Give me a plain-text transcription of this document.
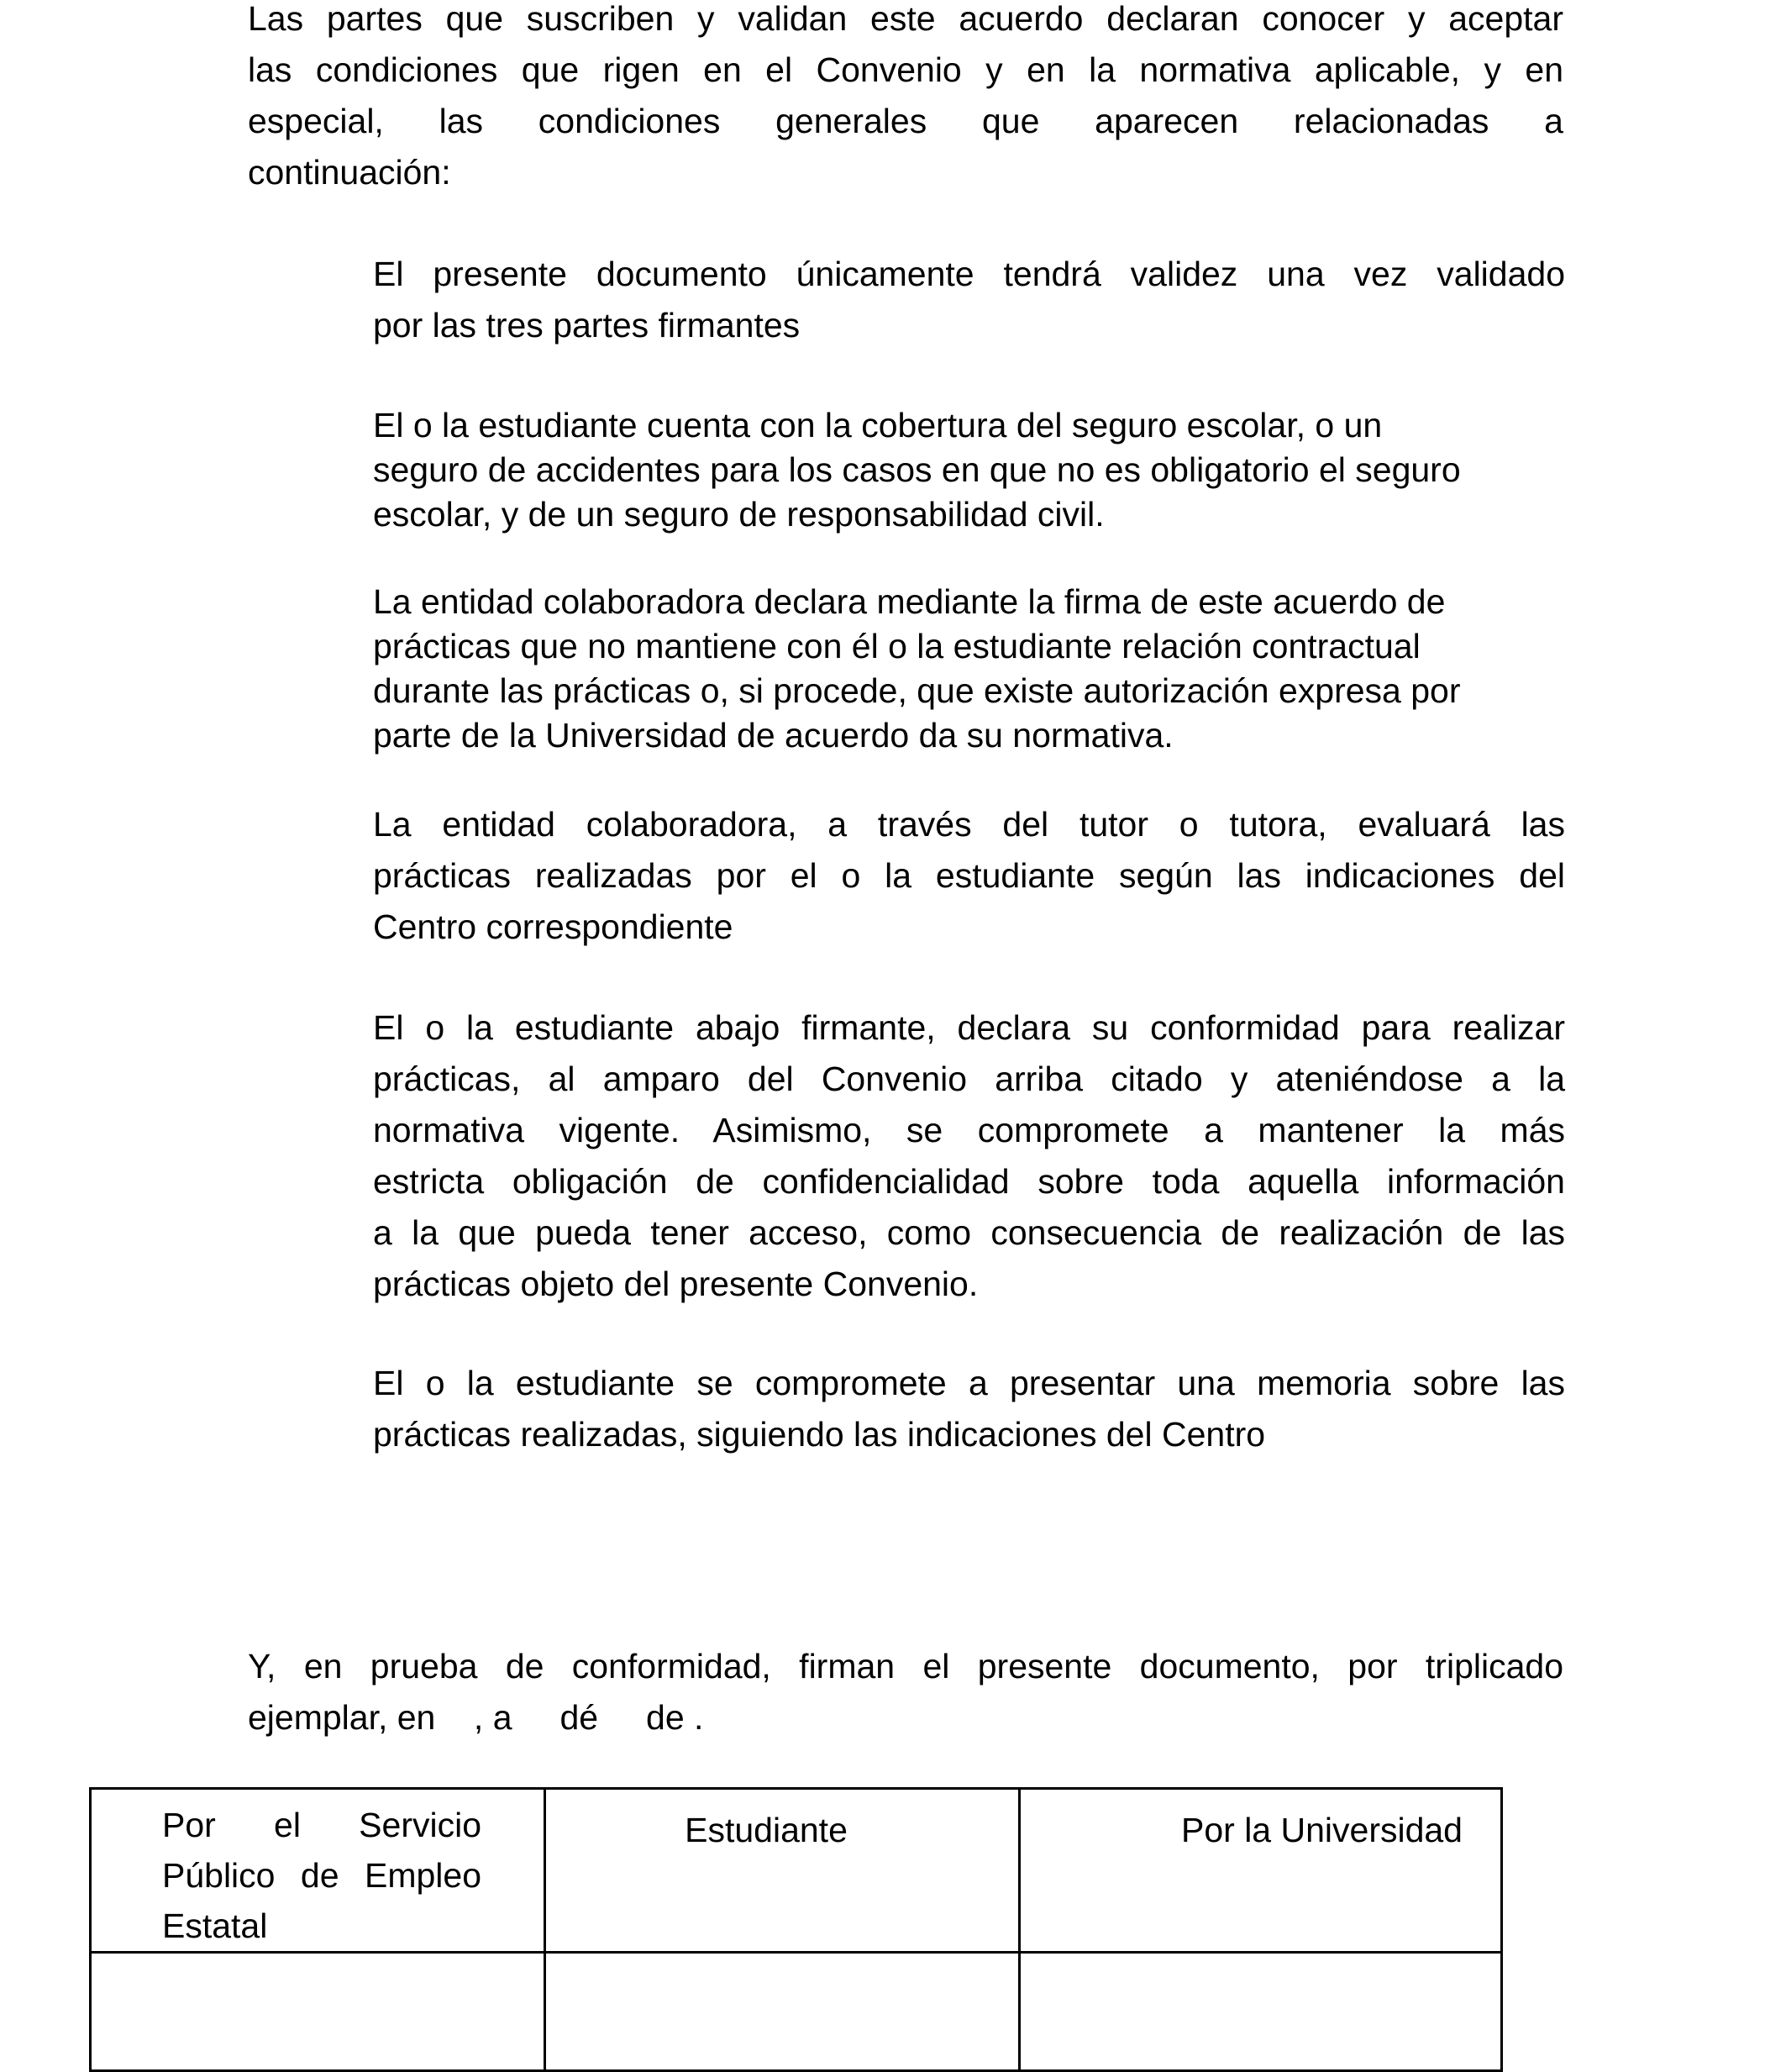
Las partes que suscriben y validan este acuerdo declaran conocer y aceptar
las condiciones que rigen en el Convenio y en la normativa aplicable, y en
especial, las condiciones generales que aparecen relacionadas a
continuación:
El presente documento únicamente tendrá validez una vez validado
por las tres partes firmantes
El o la estudiante cuenta con la cobertura del seguro escolar, o un
seguro de accidentes para los casos en que no es obligatorio el seguro
escolar, y de un seguro de responsabilidad civil.
La entidad colaboradora declara mediante la firma de este acuerdo de
prácticas que no mantiene con él o la estudiante relación contractual
durante las prácticas o, si procede, que existe autorización expresa por
parte de la Universidad de acuerdo da su normativa.
La entidad colaboradora, a través del tutor o tutora, evaluará las
prácticas realizadas por el o la estudiante según las indicaciones del
Centro correspondiente
El o la estudiante abajo firmante, declara su conformidad para realizar
prácticas, al amparo del Convenio arriba citado y ateniéndose a la
normativa vigente. Asimismo, se compromete a mantener la más
estricta obligación de confidencialidad sobre toda aquella información
a la que pueda tener acceso, como consecuencia de realización de las
prácticas objeto del presente Convenio.
El o la estudiante se compromete a presentar una memoria sobre las
prácticas realizadas, siguiendo las indicaciones del Centro
Y, en prueba de conformidad, firman el presente documento, por triplicado
ejemplar, en    , a     dé     de .
Por el Servicio
Público de Empleo
Estatal	Estudiante	Por la Universidad
